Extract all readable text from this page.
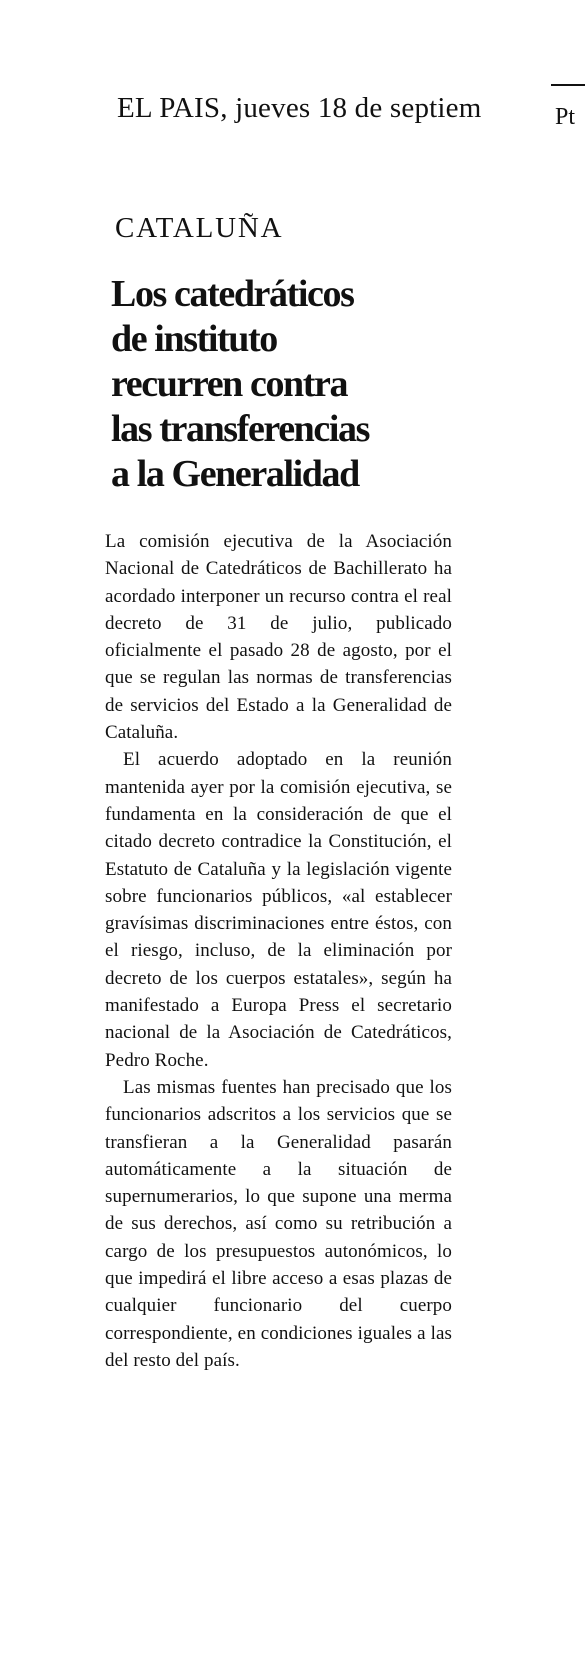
EL PAIS, jueves 18 de septiem	Pt
CATALUÑA
Los catedráticos
de instituto
recurren contra
las transferencias
a la Generalidad

La comisión ejecutiva de la Asociación Nacional de Catedráticos de Bachillerato ha acordado interponer un recurso contra el real decreto de 31 de julio, publicado oficialmente el pasado 28 de agosto, por el que se regulan las normas de transferencias de servicios del Estado a la Generalidad de Cataluña.

El acuerdo adoptado en la reunión mantenida ayer por la comisión ejecutiva, se fundamenta en la consideración de que el citado decreto contradice la Constitución, el Estatuto de Cataluña y la legislación vigente sobre funcionarios públicos, «al establecer gravísimas discriminaciones entre éstos, con el riesgo, incluso, de la eliminación por decreto de los cuerpos estatales», según ha manifestado a Europa Press el secretario nacional de la Asociación de Catedráticos, Pedro Roche.

Las mismas fuentes han precisado que los funcionarios adscritos a los servicios que se transfieran a la Generalidad pasarán automáticamente a la situación de supernumerarios, lo que supone una merma de sus derechos, así como su retribución a cargo de los presupuestos autonómicos, lo que impedirá el libre acceso a esas plazas de cualquier funcionario del cuerpo correspondiente, en condiciones iguales a las del resto del país.
